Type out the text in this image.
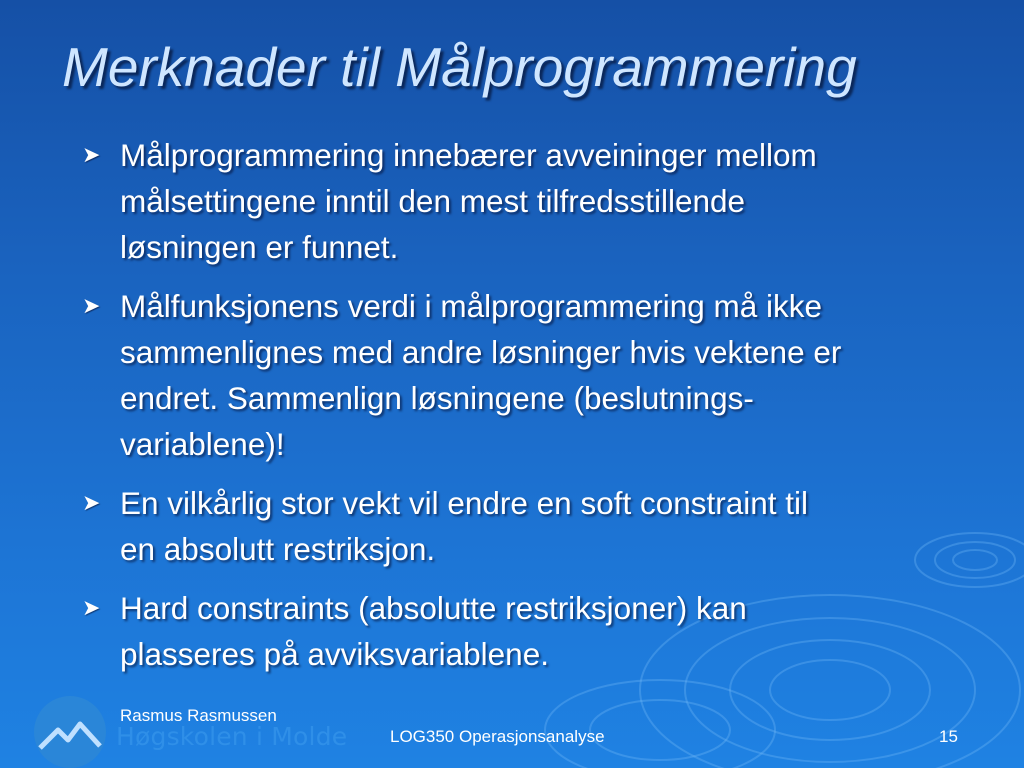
Merknader til Målprogrammering
➤ Målprogrammering innebærer avveininger mellom
målsettingene inntil den mest tilfredsstillende
løsningen er funnet.
➤ Målfunksjonens verdi i målprogrammering må ikke
sammenlignes med andre løsninger hvis vektene er
endret. Sammenlign løsningene (beslutnings-
variablene)!
➤ En vilkårlig stor vekt vil endre en soft constraint til
en absolutt restriksjon.
➤ Hard constraints (absolutte restriksjoner) kan
plasseres på avviksvariablene.
Høgskolen i Molde
Rasmus Rasmussen
LOG350 Operasjonsanalyse	15
